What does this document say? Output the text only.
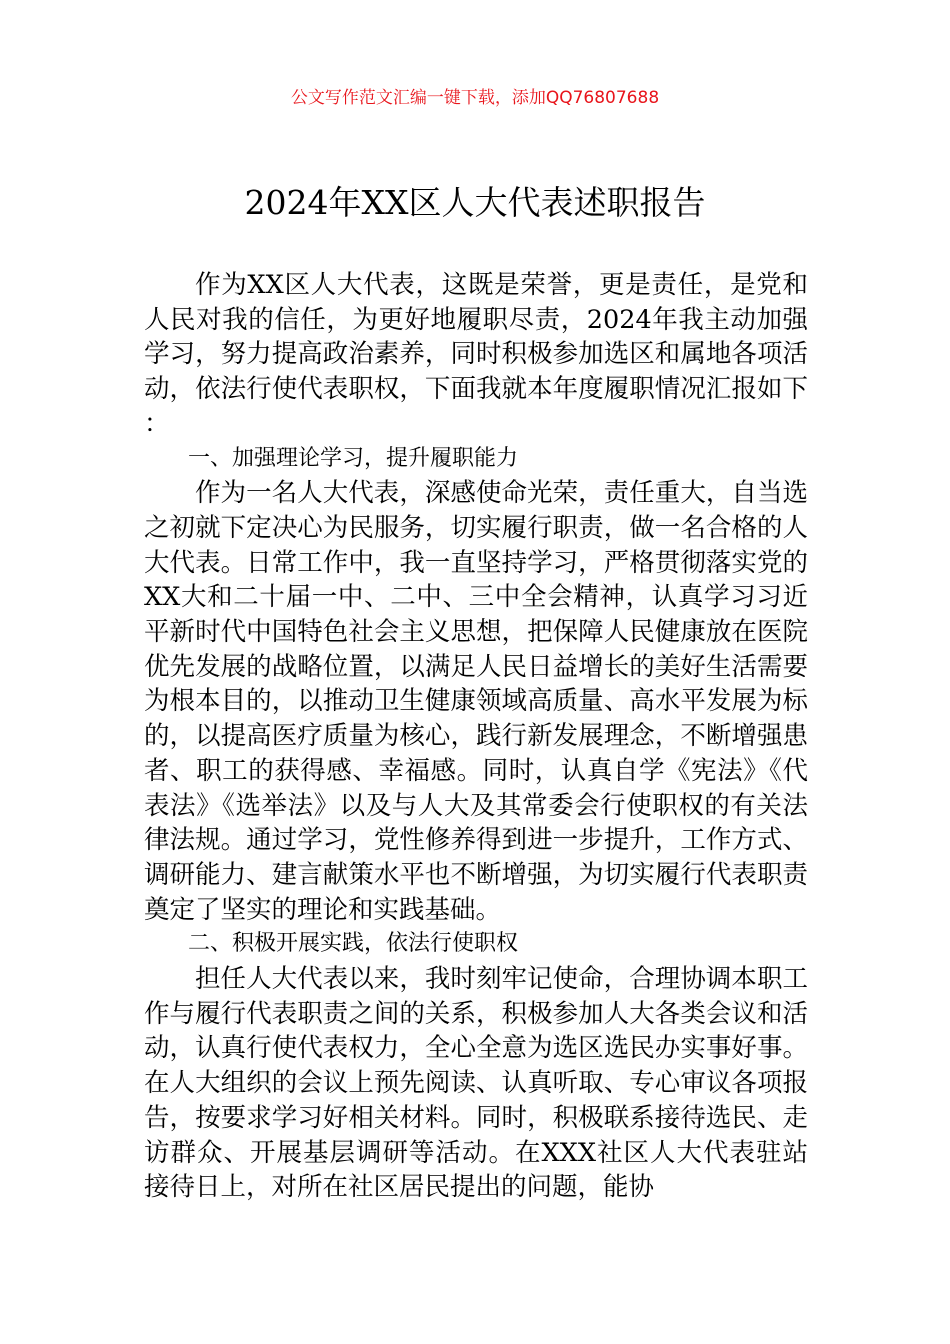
公文写作范文汇编一键下载，添加QQ76807688
2024年XX区人大代表述职报告

作为XX区人大代表，这既是荣誉，更是责任，是党和人民对我的信任，为更好地履职尽责，2024年我主动加强学习，努力提高政治素养，同时积极参加选区和属地各项活动，依法行使代表职权，下面我就本年度履职情况汇报如下：

一、加强理论学习，提升履职能力

作为一名人大代表，深感使命光荣，责任重大，自当选之初就下定决心为民服务，切实履行职责，做一名合格的人大代表。日常工作中，我一直坚持学习，严格贯彻落实党的XX大和二十届一中、二中、三中全会精神，认真学习习近平新时代中国特色社会主义思想，把保障人民健康放在医院优先发展的战略位置，以满足人民日益增长的美好生活需要为根本目的，以推动卫生健康领域高质量、高水平发展为标的，以提高医疗质量为核心，践行新发展理念，不断增强患者、职工的获得感、幸福感。同时，认真自学《宪法》《代表法》《选举法》以及与人大及其常委会行使职权的有关法律法规。通过学习，党性修养得到进一步提升，工作方式、调研能力、建言献策水平也不断增强，为切实履行代表职责奠定了坚实的理论和实践基础。

二、积极开展实践，依法行使职权

担任人大代表以来，我时刻牢记使命，合理协调本职工作与履行代表职责之间的关系，积极参加人大各类会议和活动，认真行使代表权力，全心全意为选区选民办实事好事。在人大组织的会议上预先阅读、认真听取、专心审议各项报告，按要求学习好相关材料。同时，积极联系接待选民、走访群众、开展基层调研等活动。在XXX社区人大代表驻站接待日上，对所在社区居民提出的问题，能协
